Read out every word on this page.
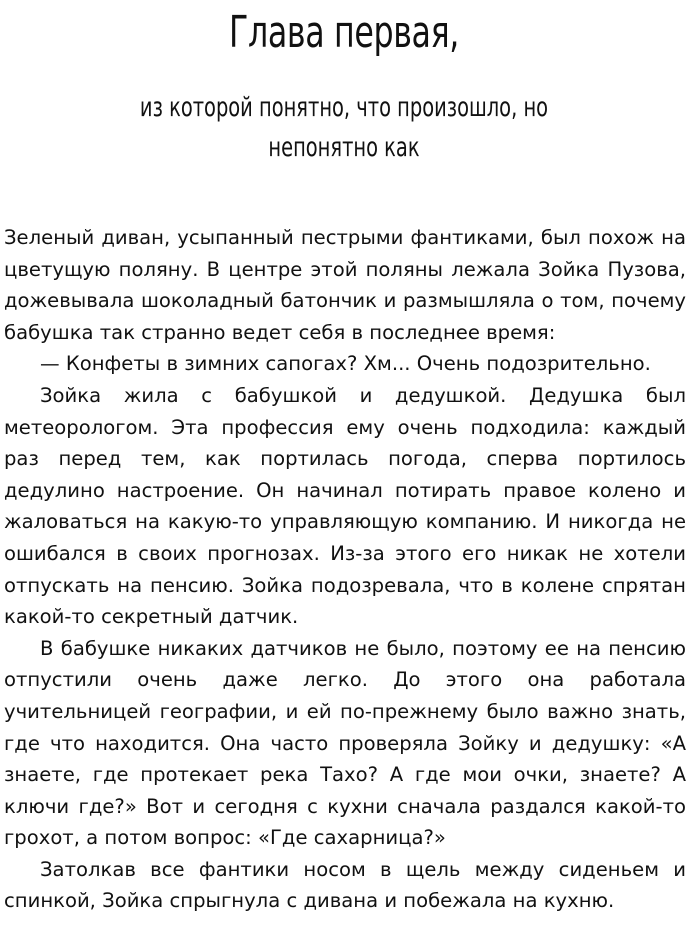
Глава первая,
из которой понятно, что произошло, но непонятно как

Зеленый диван, усыпанный пестрыми фантиками, был похож на цветущую поляну. В центре этой поляны лежала Зойка Пузова, дожевывала шоколадный батончик и размышляла о том, почему бабушка так странно ведет себя в последнее время:

— Конфеты в зимних сапогах? Хм... Очень подозрительно.

Зойка жила с бабушкой и дедушкой. Дедушка был метеорологом. Эта профессия ему очень подходила: каждый раз перед тем, как портилась погода, сперва портилось дедулино настроение. Он начинал потирать правое колено и жаловаться на какую-то управляющую компанию. И никогда не ошибался в своих прогнозах. Из-за этого его никак не хотели отпускать на пенсию. Зойка подозревала, что в колене спрятан какой-то секретный датчик.

В бабушке никаких датчиков не было, поэтому ее на пенсию отпустили очень даже легко. До этого она работала учительницей географии, и ей по-прежнему было важно знать, где что находится. Она часто проверяла Зойку и дедушку: «А знаете, где протекает река Тахо? А где мои очки, знаете? А ключи где?» Вот и сегодня с кухни сначала раздался какой-то грохот, а потом вопрос: «Где сахарница?»

Затолкав все фантики носом в щель между сиденьем и спинкой, Зойка спрыгнула с дивана и побежала на кухню.
